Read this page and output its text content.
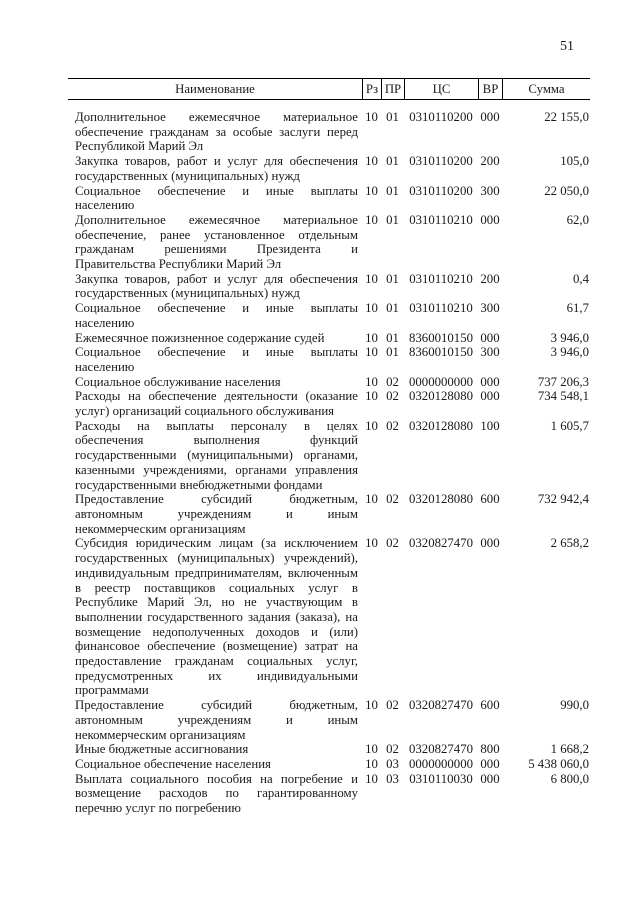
51
Наименование	Рз ПР	ЦС	ВР	Сумма
Дополнительное ежемесячное материальное
обеспечение гражданам за особые заслуги перед
Республикой Марий Эл
10 01 0310110200 000	22 155,0
Закупка товаров, работ и услуг для обеспечения
государственных (муниципальных) нужд
10 01 0310110200 200	105,0
Социальное обеспечение и иные выплаты
населению
10 01 0310110200 300	22 050,0
Дополнительное ежемесячное материальное
обеспечение, ранее установленное отдельным
гражданам решениями Президента и
Правительства Республики Марий Эл
10 01 0310110210 000	62,0
Закупка товаров, работ и услуг для обеспечения
государственных (муниципальных) нужд
10 01 0310110210 200	0,4
Социальное обеспечение и иные выплаты
населению
10 01 0310110210 300	61,7
Ежемесячное пожизненное содержание судей	10 01 8360010150 000	3 946,0
Социальное обеспечение и иные выплаты
населению
10 01 8360010150 300	3 946,0
Социальное обслуживание населения	10 02 0000000000 000	737 206,3
Расходы на обеспечение деятельности (оказание
услуг) организаций социального обслуживания
10 02 0320128080 000	734 548,1
Расходы на выплаты персоналу в целях
обеспечения	выполнения	функций
государственными (муниципальными) органами,
казенными учреждениями, органами управления
государственными внебюджетными фондами
10 02 0320128080 100	1 605,7
Предоставление	субсидий	бюджетным,
автономным	учреждениям	и	иным
некоммерческим организациям
10 02 0320128080 600	732 942,4
Субсидия юридическим лицам (за исключением
государственных (муниципальных) учреждений),
индивидуальным предпринимателям, включенным
в реестр поставщиков социальных услуг в
Республике Марий Эл, но не участвующим в
выполнении государственного задания (заказа), на
возмещение недополученных доходов и (или)
финансовое обеспечение (возмещение) затрат на
предоставление гражданам социальных услуг,
предусмотренных	их	индивидуальными
программами
10 02 0320827470 000	2 658,2
Предоставление	субсидий	бюджетным,
автономным	учреждениям	и	иным
некоммерческим организациям
10 02 0320827470 600	990,0
Иные бюджетные ассигнования	10 02 0320827470 800	1 668,2
Социальное обеспечение населения	10 03 0000000000 000	5 438 060,0
Выплата социального пособия на погребение и
возмещение расходов по гарантированному
перечню услуг по погребению
10 03 0310110030 000	6 800,0
